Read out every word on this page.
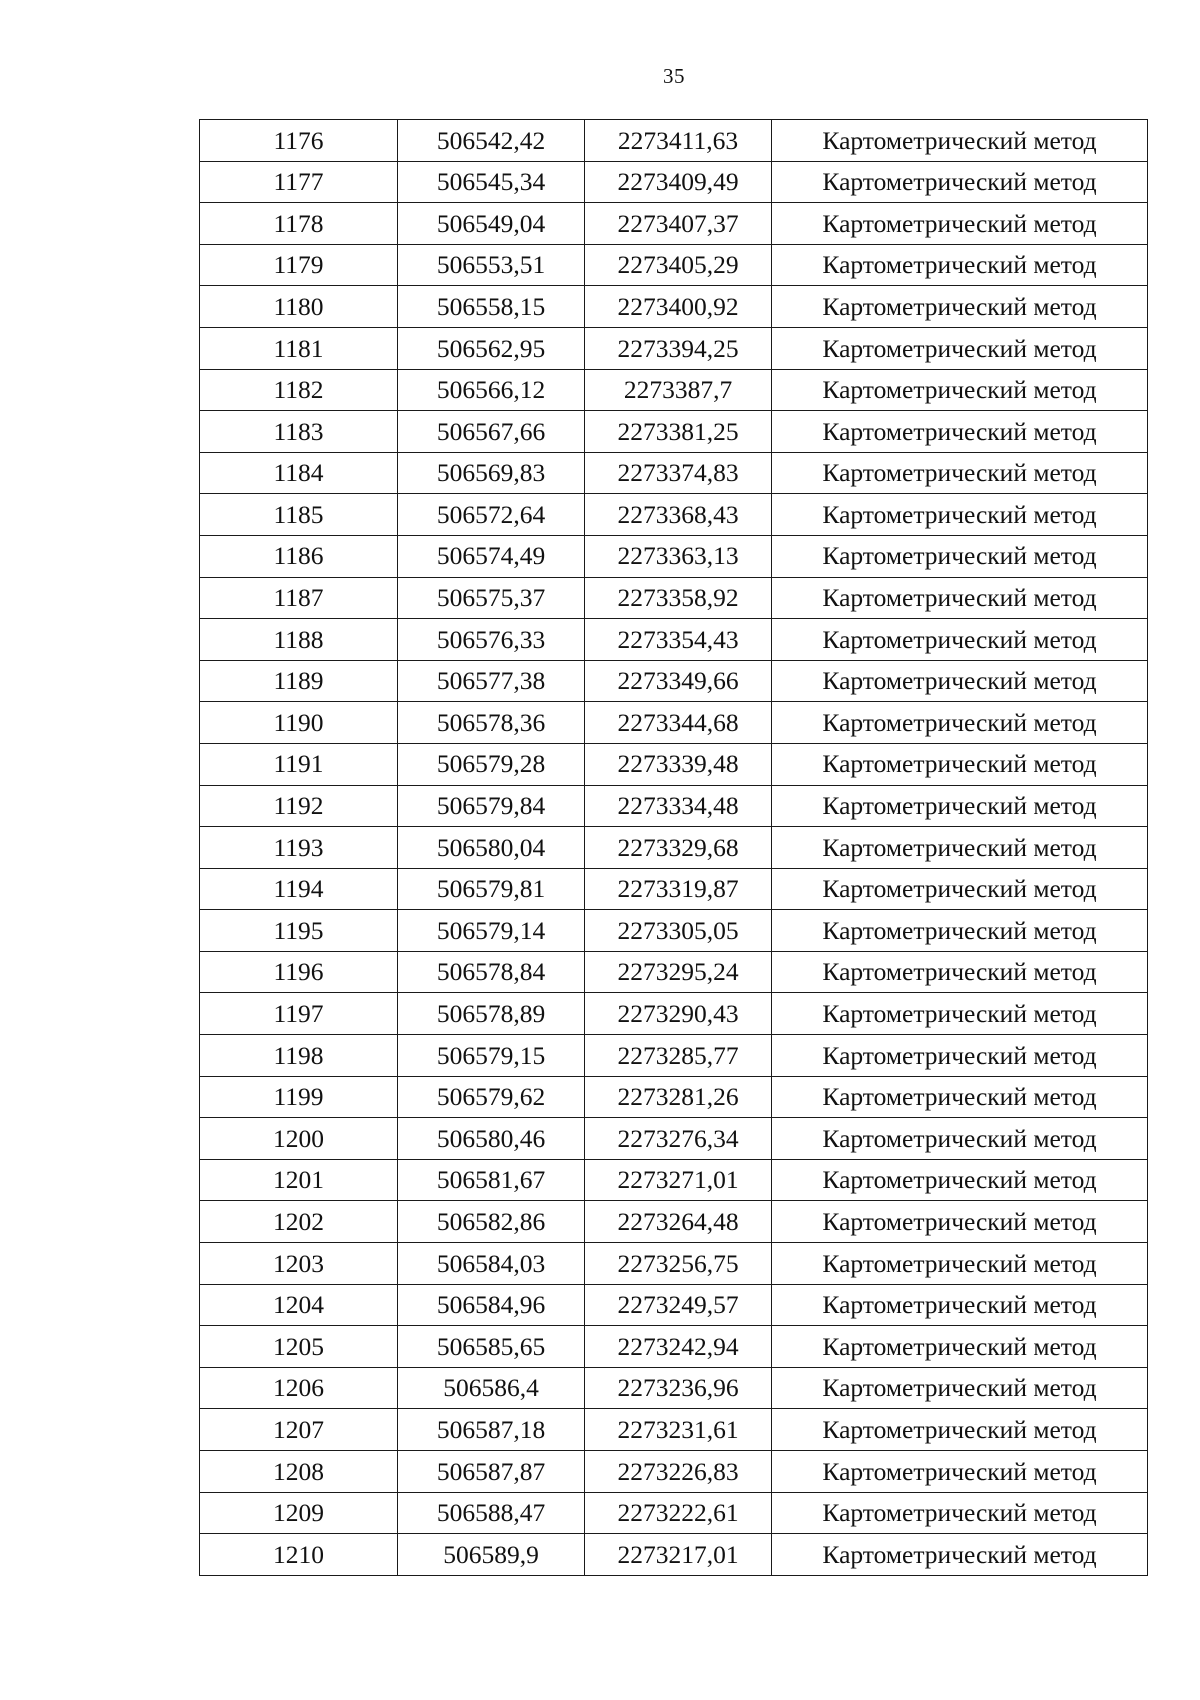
35
1176	506542,42	2273411,63	Картометрический метод
1177	506545,34	2273409,49	Картометрический метод
1178	506549,04	2273407,37	Картометрический метод
1179	506553,51	2273405,29	Картометрический метод
1180	506558,15	2273400,92	Картометрический метод
1181	506562,95	2273394,25	Картометрический метод
1182	506566,12	2273387,7	Картометрический метод
1183	506567,66	2273381,25	Картометрический метод
1184	506569,83	2273374,83	Картометрический метод
1185	506572,64	2273368,43	Картометрический метод
1186	506574,49	2273363,13	Картометрический метод
1187	506575,37	2273358,92	Картометрический метод
1188	506576,33	2273354,43	Картометрический метод
1189	506577,38	2273349,66	Картометрический метод
1190	506578,36	2273344,68	Картометрический метод
1191	506579,28	2273339,48	Картометрический метод
1192	506579,84	2273334,48	Картометрический метод
1193	506580,04	2273329,68	Картометрический метод
1194	506579,81	2273319,87	Картометрический метод
1195	506579,14	2273305,05	Картометрический метод
1196	506578,84	2273295,24	Картометрический метод
1197	506578,89	2273290,43	Картометрический метод
1198	506579,15	2273285,77	Картометрический метод
1199	506579,62	2273281,26	Картометрический метод
1200	506580,46	2273276,34	Картометрический метод
1201	506581,67	2273271,01	Картометрический метод
1202	506582,86	2273264,48	Картометрический метод
1203	506584,03	2273256,75	Картометрический метод
1204	506584,96	2273249,57	Картометрический метод
1205	506585,65	2273242,94	Картометрический метод
1206	506586,4	2273236,96	Картометрический метод
1207	506587,18	2273231,61	Картометрический метод
1208	506587,87	2273226,83	Картометрический метод
1209	506588,47	2273222,61	Картометрический метод
1210	506589,9	2273217,01	Картометрический метод
